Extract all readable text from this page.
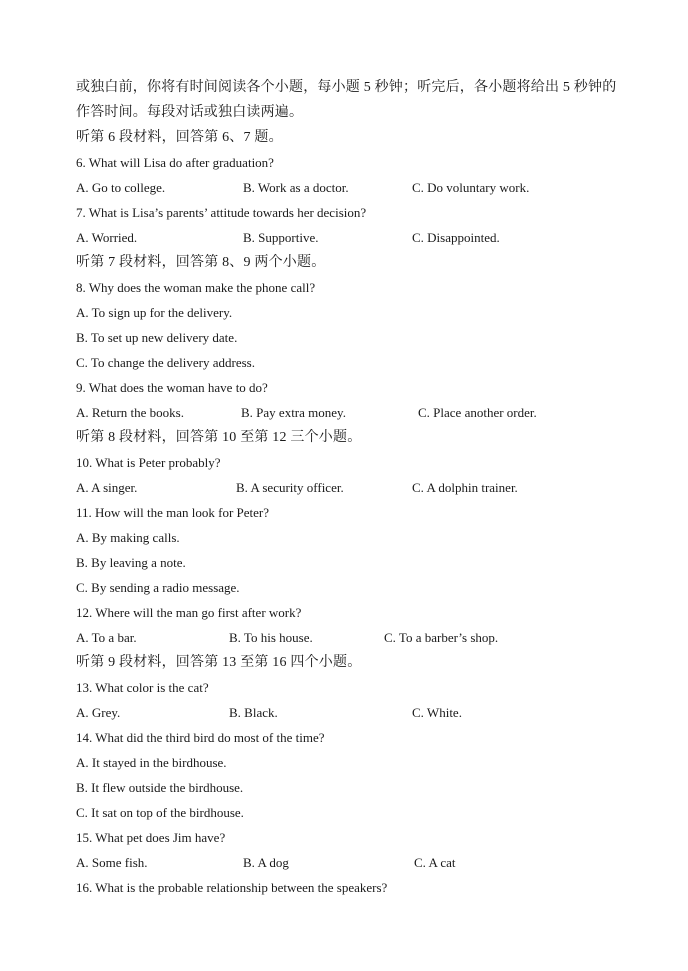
或独白前，你将有时间阅读各个小题，每小题 5 秒钟；听完后，各小题将给出 5 秒钟的
作答时间。每段对话或独白读两遍。
听第 6 段材料，回答第 6、7 题。
6. What will Lisa do after graduation?
A. Go to college.	B. Work as a doctor.	C. Do voluntary work.
7. What is Lisa’s parents’ attitude towards her decision?
A. Worried.	B. Supportive.	C. Disappointed.
听第 7 段材料，回答第 8、9 两个小题。
8. Why does the woman make the phone call?
A. To sign up for the delivery.
B. To set up new delivery date.
C. To change the delivery address.
9. What does the woman have to do?
A. Return the books.	B. Pay extra money.	C. Place another order.
听第 8 段材料，回答第 10 至第 12 三个小题。
10. What is Peter probably?
A. A singer.	B. A security officer.	C. A dolphin trainer.
11. How will the man look for Peter?
A. By making calls.
B. By leaving a note.
C. By sending a radio message.
12. Where will the man go first after work?
A. To a bar.	B. To his house.	C. To a barber’s shop.
听第 9 段材料，回答第 13 至第 16 四个小题。
13. What color is the cat?
A. Grey.	B. Black.	C. White.
14. What did the third bird do most of the time?
A. It stayed in the birdhouse.
B. It flew outside the birdhouse.
C. It sat on top of the birdhouse.
15. What pet does Jim have?
A. Some fish.	B. A dog	C. A cat
16. What is the probable relationship between the speakers?
